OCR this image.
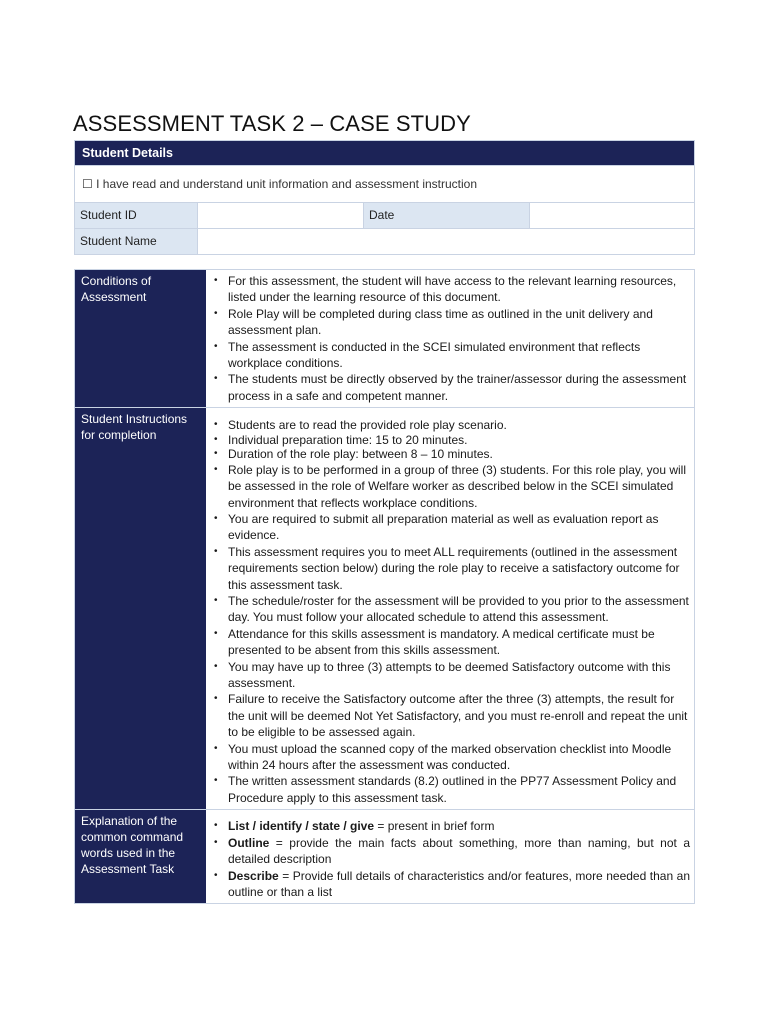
ASSESSMENT TASK 2 – CASE STUDY
Student Details
☐
I have read and understand unit information and assessment instruction
Student ID	Date
Student Name
Conditions of Assessment
• For this assessment, the student will have access to the relevant learning resources, listed under the learning resource of this document.
• Role Play will be completed during class time as outlined in the unit delivery and assessment plan.
• The assessment is conducted in the SCEI simulated environment that reflects workplace conditions.
• The students must be directly observed by the trainer/assessor during the assessment process in a safe and competent manner.
Student Instructions for completion
• Students are to read the provided role play scenario.
• Individual preparation time: 15 to 20 minutes.
• Duration of the role play: between 8 – 10 minutes.
• Role play is to be performed in a group of three (3) students. For this role play, you will be assessed in the role of Welfare worker as described below in the SCEI simulated environment that reflects workplace conditions.
• You are required to submit all preparation material as well as evaluation report as evidence.
• This assessment requires you to meet ALL requirements (outlined in the assessment requirements section below) during the role play to receive a satisfactory outcome for this assessment task.
• The schedule/roster for the assessment will be provided to you prior to the assessment day. You must follow your allocated schedule to attend this assessment.
• Attendance for this skills assessment is mandatory. A medical certificate must be presented to be absent from this skills assessment.
• You may have up to three (3) attempts to be deemed Satisfactory outcome with this assessment.
• Failure to receive the Satisfactory outcome after the three (3) attempts, the result for the unit will be deemed Not Yet Satisfactory, and you must re-enroll and repeat the unit to be eligible to be assessed again.
• You must upload the scanned copy of the marked observation checklist into Moodle within 24 hours after the assessment was conducted.
• The written assessment standards (8.2) outlined in the PP77 Assessment Policy and Procedure apply to this assessment task.
Explanation of the common command words used in the Assessment Task
• List / identify / state / give = present in brief form
• Outline = provide the main facts about something, more than naming, but not a detailed description
• Describe = Provide full details of characteristics and/or features, more needed than an outline or than a list
